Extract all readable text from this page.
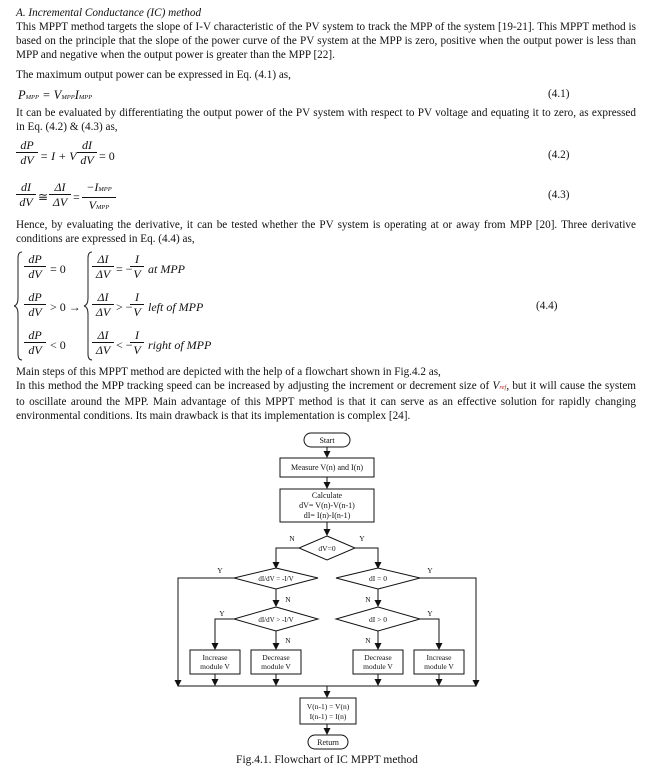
A. Incremental Conductance (IC) method
This MPPT method targets the slope of I-V characteristic of the PV system to track the MPP of the system [19-21]. This MPPT method is based on the principle that the slope of the power curve of the PV system at the MPP is zero, positive when the output power is less than MPP and negative when the output power is greater than the MPP [22].
The maximum output power can be expressed in Eq. (4.1) as,
PMPP = VMPPIMPP	(4.1)
It can be evaluated by differentiating the output power of the PV system with respect to PV voltage and equating it to zero, as expressed in Eq. (4.2) & (4.3) as,
$\frac{dP}{dV} = I + V \frac{dI}{dV} = 0$	(4.2)
$\frac{dI}{dV}$ ≅ $\frac{\Delta I}{\Delta V}$ =
−IMPP
VMPP
(4.3)
Hence, by evaluating the derivative, it can be tested whether the PV system is operating at or away from MPP [20]. Three derivative conditions are expressed in Eq. (4.4) as,
$\frac{dP}{dV} = 0 \frac{\Delta I}{\Delta V}$ = −
$\frac{I}{V}$ at MPP
$\frac{dP}{dV} > 0 \to \frac{\Delta I}{\Delta V}$ > −
$\frac{I}{V}$ left of MPP
$\frac{dP}{dV} < 0 \frac{\Delta I}{\Delta V}$ < −
$\frac{I}{V}$ right of MPP
(4.4)
Main steps of this MPPT method are depicted with the help of a flowchart shown in Fig.4.2 as,
In this method the MPP tracking speed can be increased by adjusting the increment or decrement size of Vref, but it will cause the system to oscillate around the MPP. Main advantage of this MPPT method is that it can serve as an effective solution for rapidly changing environmental conditions. Its main drawback is that its implementation is complex [24].
Start
Measure V(n) and I(n)
Calculate
dV= V(n)-V(n-1)
dI= I(n)-I(n-1)
dV=0
dI/dV = -I/V	dI = 0
dI/dV > -I/V	dI > 0
Increase
module V
Decrease
module V
Decrease
module V
Increase
module V
V(n-1) = V(n)
I(n-1) = I(n)
Return
N	Y
Y	Y
N	N
Y	Y
N	N
Fig.4.1. Flowchart of IC MPPT method
